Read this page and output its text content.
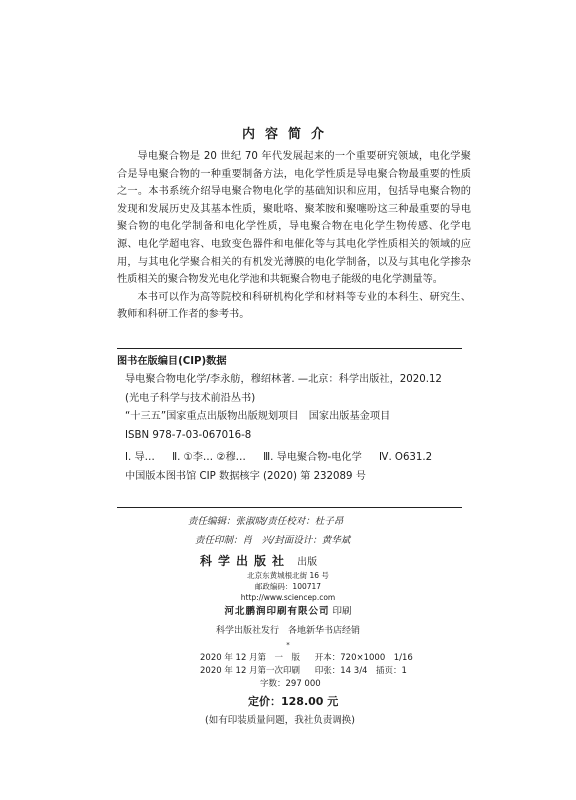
内容简介

导电聚合物是 20 世纪 70 年代发展起来的一个重要研究领域，电化学聚合是导电聚合物的一种重要制备方法，电化学性质是导电聚合物最重要的性质之一。本书系统介绍导电聚合物电化学的基础知识和应用，包括导电聚合物的发现和发展历史及其基本性质，聚吡咯、聚苯胺和聚噻吩这三种最重要的导电聚合物的电化学制备和电化学性质，导电聚合物在电化学生物传感、化学电源、电化学超电容、电致变色器件和电催化等与其电化学性质相关的领域的应用，与其电化学聚合相关的有机发光薄膜的电化学制备，以及与其电化学掺杂性质相关的聚合物发光电化学池和共轭聚合物电子能级的电化学测量等。

本书可以作为高等院校和科研机构化学和材料等专业的本科生、研究生、教师和科研工作者的参考书。

图书在版编目(CIP)数据
导电聚合物电化学/李永舫，穆绍林著. —北京：科学出版社，2020.12
(光电子科学与技术前沿丛书)
“十三五”国家重点出版物出版规划项目　国家出版基金项目
ISBN 978-7-03-067016-8
Ⅰ. 导… Ⅱ. ①李… ②穆… Ⅲ. 导电聚合物-电化学 Ⅳ. O631.2
中国版本图书馆 CIP 数据核字 (2020) 第 232089 号
责任编辑：张淑晓/责任校对：杜子昂
责任印制：肖　兴/封面设计：黄华斌
科学出版社 出版
北京东黄城根北街 16 号
邮政编码：100717
http://www.sciencep.com
河北鹏润印刷有限公司 印刷
科学出版社发行 各地新华书店经销
*
2020 年 12 月第　一　版 开本：720×1000　1/16
2020 年 12 月第一次印刷 印张：14 3/4　插页：1
字数：297 000
定价：128.00 元
(如有印装质量问题，我社负责调换)
